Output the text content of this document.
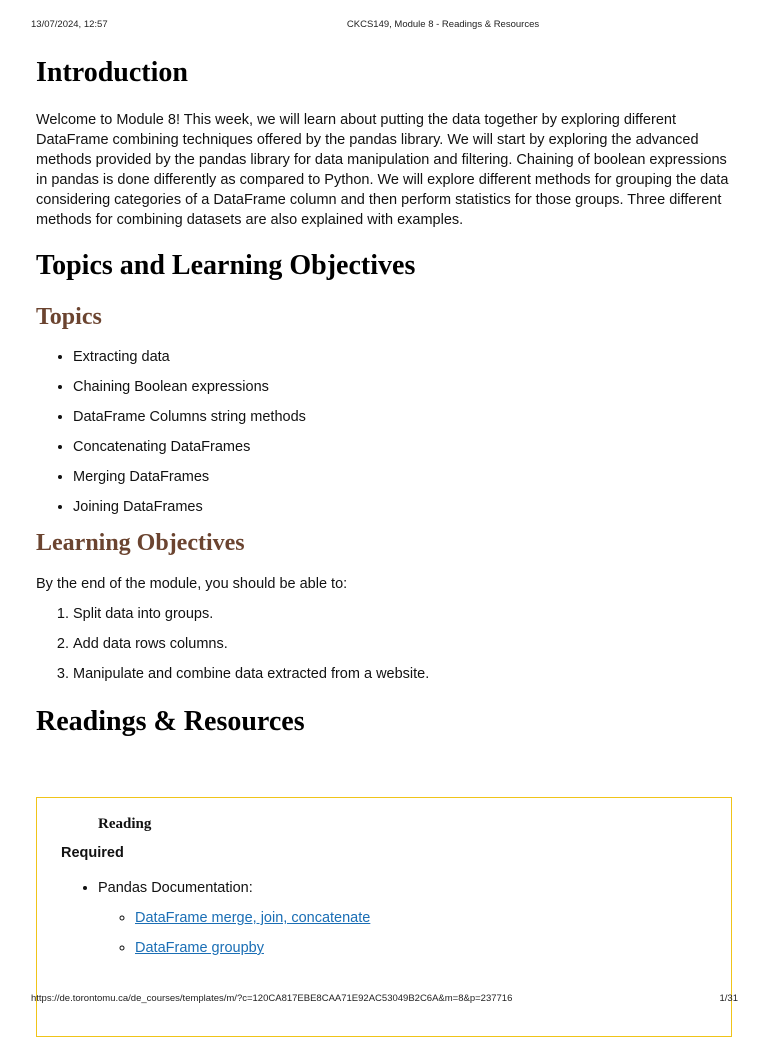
13/07/2024, 12:57	CKCS149, Module 8 - Readings & Resources
Introduction

Welcome to Module 8! This week, we will learn about putting the data together by exploring different DataFrame combining techniques offered by the pandas library. We will start by exploring the advanced methods provided by the pandas library for data manipulation and filtering. Chaining of boolean expressions in pandas is done differently as compared to Python. We will explore different methods for grouping the data considering categories of a DataFrame column and then perform statistics for those groups. Three different methods for combining datasets are also explained with examples.

Topics and Learning Objectives
Topics
• Extracting data
• Chaining Boolean expressions
• DataFrame Columns string methods
• Concatenating DataFrames
• Merging DataFrames
• Joining DataFrames
Learning Objectives

By the end of the module, you should be able to:

1. Split data into groups.
2. Add data rows columns.
3. Manipulate and combine data extracted from a website.
Readings & Resources
Reading
Required
• Pandas Documentation:
◦ DataFrame merge, join, concatenate
◦ DataFrame groupby
https://de.torontomu.ca/de_courses/templates/m/?c=120CA817EBE8CAA71E92AC53049B2C6A&m=8&p=237716	1/31
